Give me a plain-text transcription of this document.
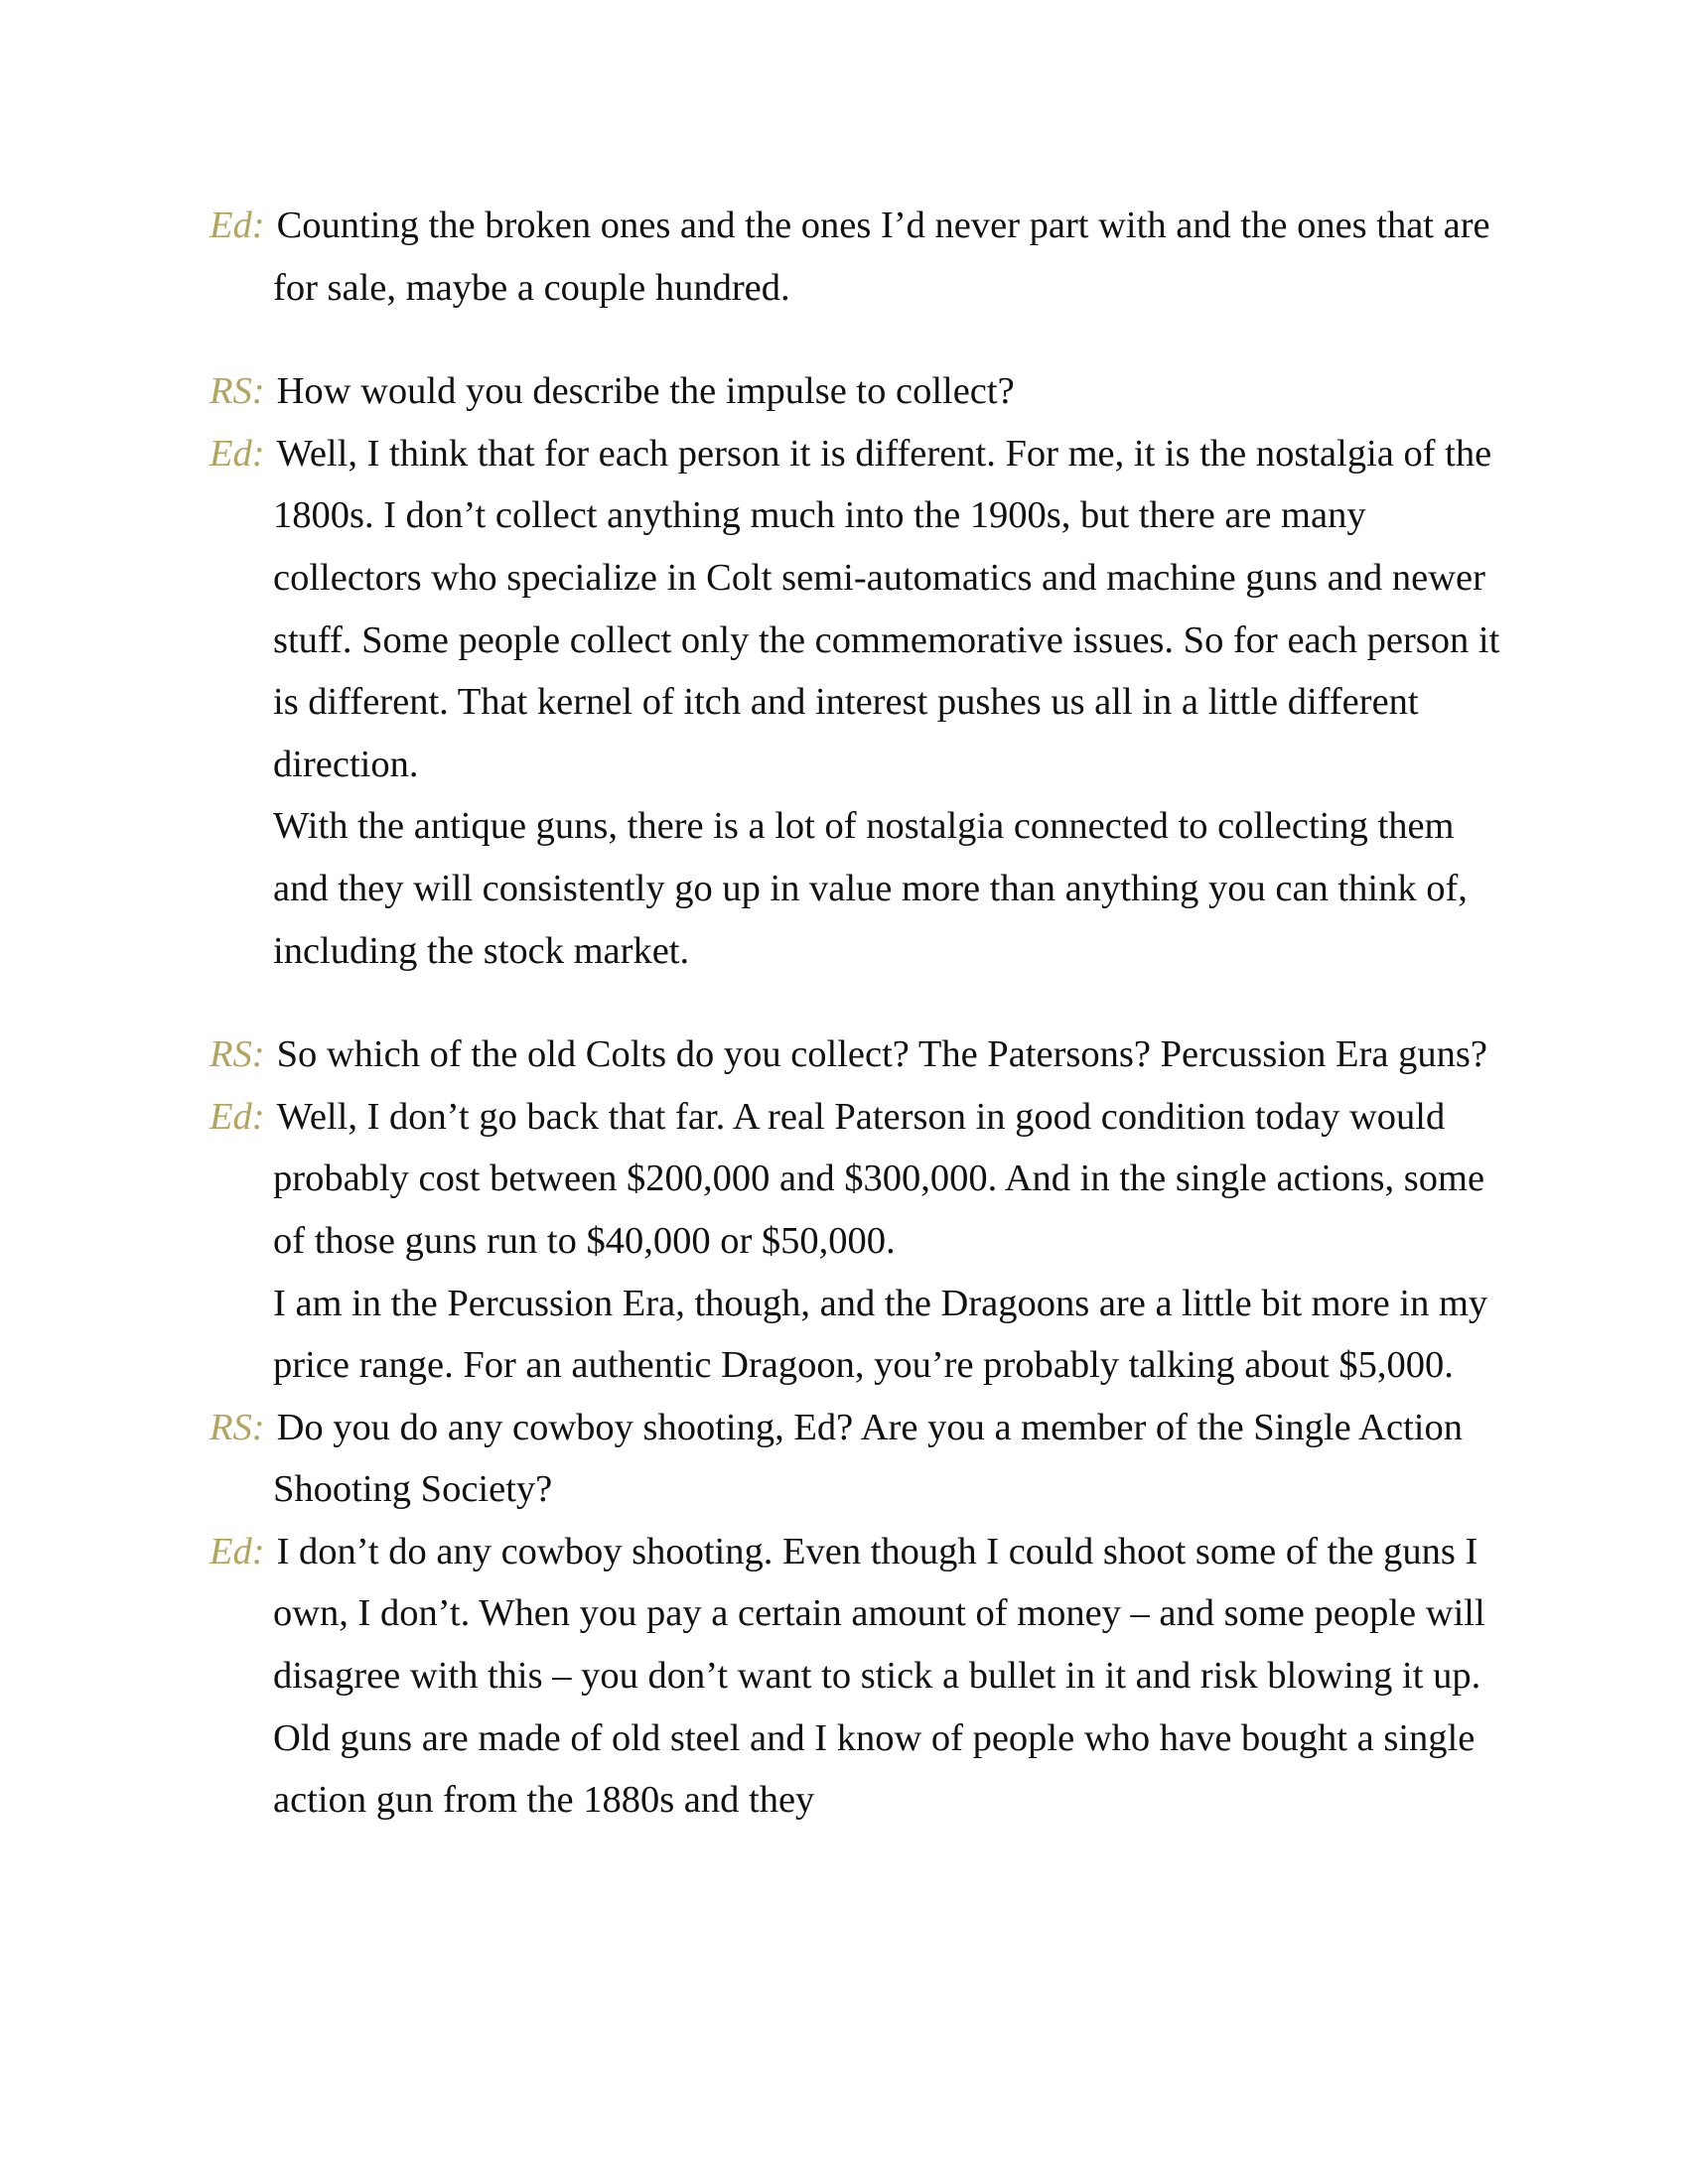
Ed: Counting the broken ones and the ones I’d never part with and the ones that are for sale, maybe a couple hundred.

RS: How would you describe the impulse to collect?

Ed: Well, I think that for each person it is different. For me, it is the nostalgia of the 1800s. I don’t collect anything much into the 1900s, but there are many collectors who specialize in Colt semi-automatics and machine guns and newer stuff. Some people collect only the commemorative issues. So for each person it is different. That kernel of itch and interest pushes us all in a little different direction.
With the antique guns, there is a lot of nostalgia connected to collecting them and they will consistently go up in value more than anything you can think of, including the stock market.

RS: So which of the old Colts do you collect? The Patersons? Percussion Era guns?

Ed: Well, I don’t go back that far. A real Paterson in good condition today would probably cost between $200,000 and $300,000. And in the single actions, some of those guns run to $40,000 or $50,000.
I am in the Percussion Era, though, and the Dragoons are a little bit more in my price range. For an authentic Dragoon, you’re probably talking about $5,000.

RS: Do you do any cowboy shooting, Ed? Are you a member of the Single Action Shooting Society?

Ed: I don’t do any cowboy shooting. Even though I could shoot some of the guns I own, I don’t. When you pay a certain amount of money – and some people will disagree with this – you don’t want to stick a bullet in it and risk blowing it up. Old guns are made of old steel and I know of people who have bought a single action gun from the 1880s and they
